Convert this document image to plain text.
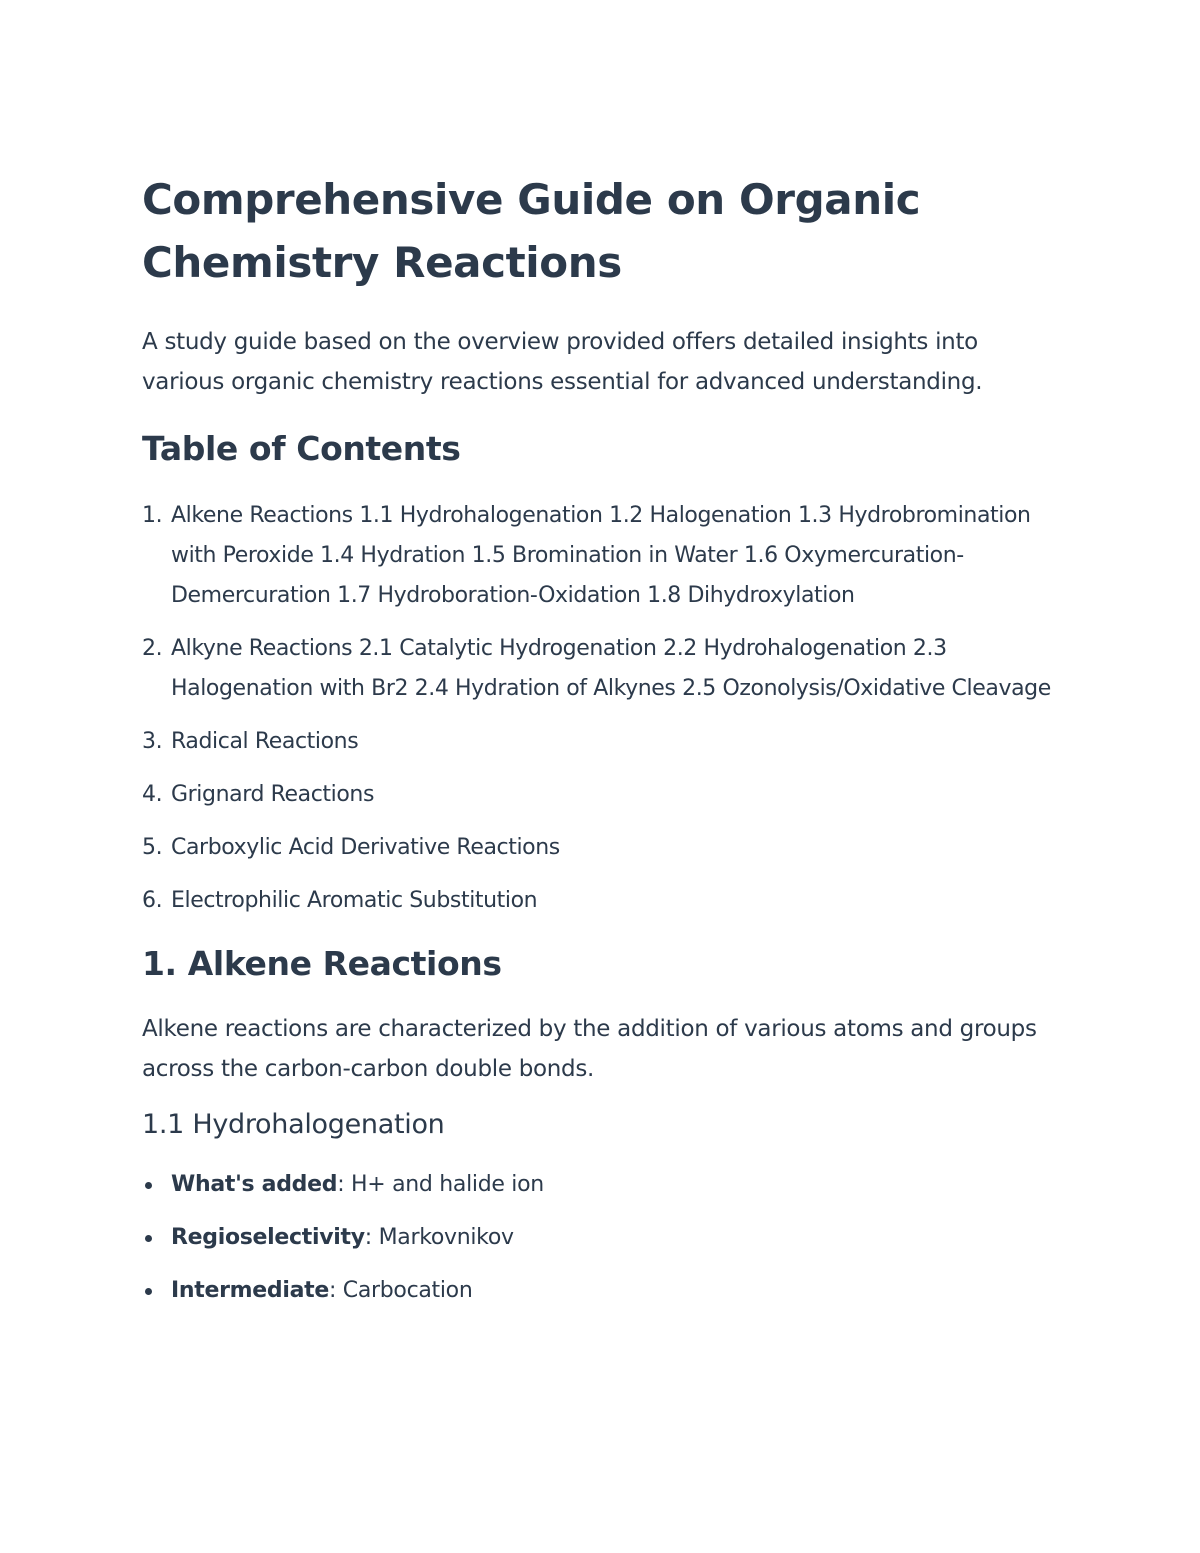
Comprehensive Guide on Organic Chemistry Reactions

A study guide based on the overview provided offers detailed insights into various organic chemistry reactions essential for advanced understanding.

Table of Contents
1. Alkene Reactions 1.1 Hydrohalogenation 1.2 Halogenation 1.3 Hydrobromination with Peroxide 1.4 Hydration 1.5 Bromination in Water 1.6 Oxymercuration-Demercuration 1.7 Hydroboration-Oxidation 1.8 Dihydroxylation
2. Alkyne Reactions 2.1 Catalytic Hydrogenation 2.2 Hydrohalogenation 2.3 Halogenation with Br2 2.4 Hydration of Alkynes 2.5 Ozonolysis/Oxidative Cleavage
3. Radical Reactions
4. Grignard Reactions
5. Carboxylic Acid Derivative Reactions
6. Electrophilic Aromatic Substitution
1. Alkene Reactions

Alkene reactions are characterized by the addition of various atoms and groups across the carbon-carbon double bonds.

1.1 Hydrohalogenation
What's added: H+ and halide ion
Regioselectivity: Markovnikov
Intermediate: Carbocation
